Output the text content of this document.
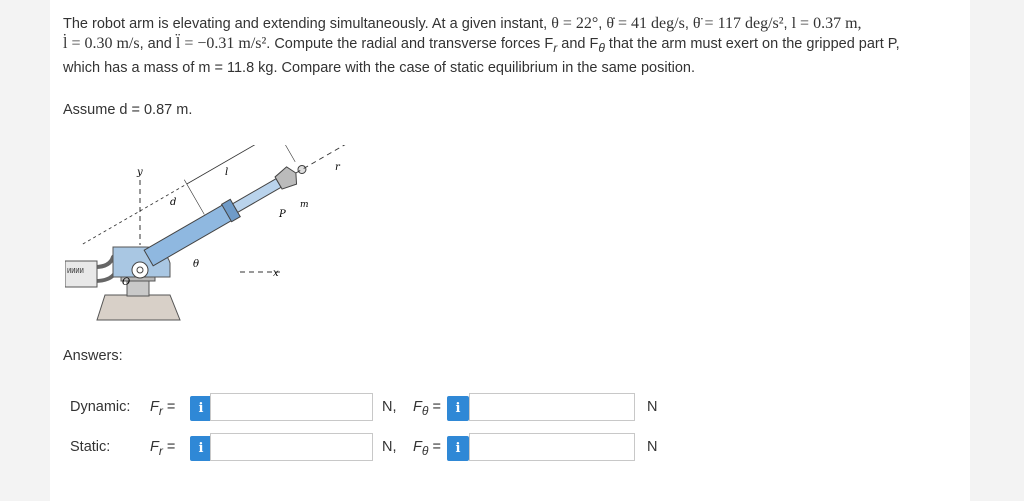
The robot arm is elevating and extending simultaneously. At a given instant, θ = 22°, θ̇ = 41 deg/s, θ̈ = 117 deg/s², l = 0.37 m,
l̇ = 0.30 m/s, and l̈ = −0.31 m/s². Compute the radial and transverse forces $F_r$ and $F_\theta$ that the arm must exert on the gripped part P,
which has a mass of m = 11.8 kg. Compare with the case of static equilibrium in the same position.
Assume d = 0.87 m.
ИИИИ
y
d
l	r
m
P
θ
x
O
Answers:
Dynamic: $F_r$ =	i	N, $F_\theta$ =	i	N
Static:	$F_r$ =	i	N, $F_\theta$ =	i	N
